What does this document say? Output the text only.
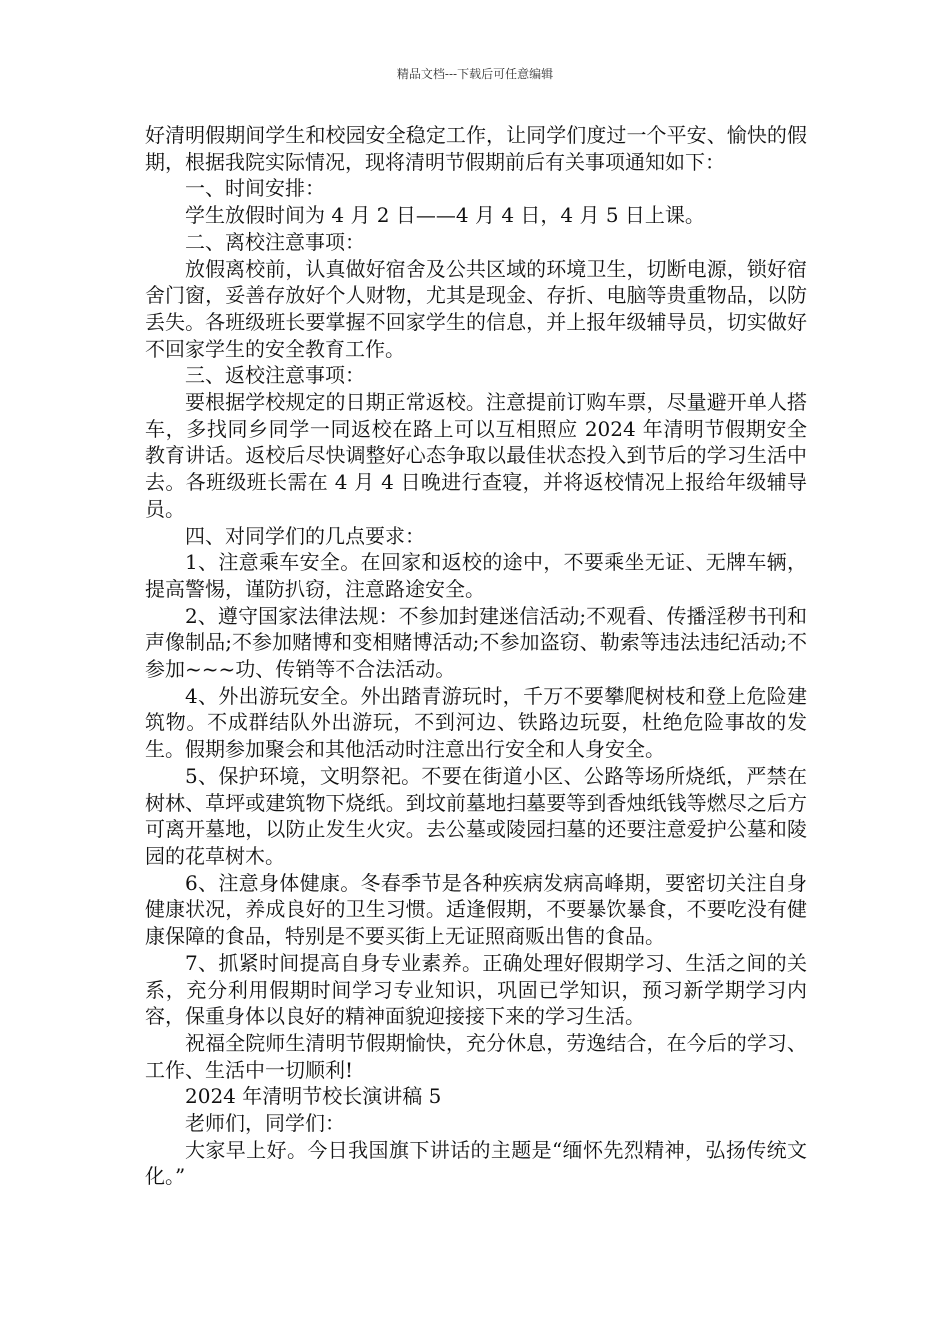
精品文档---下载后可任意编辑

好清明假期间学生和校园安全稳定工作，让同学们度过一个平安、愉快的假期，根据我院实际情况，现将清明节假期前后有关事项通知如下：

一、时间安排：

学生放假时间为 4 月 2 日——4 月 4 日，4 月 5 日上课。

二、离校注意事项：

放假离校前，认真做好宿舍及公共区域的环境卫生，切断电源，锁好宿舍门窗，妥善存放好个人财物，尤其是现金、存折、电脑等贵重物品，以防丢失。各班级班长要掌握不回家学生的信息，并上报年级辅导员，切实做好不回家学生的安全教育工作。

三、返校注意事项：

要根据学校规定的日期正常返校。注意提前订购车票，尽量避开单人搭车，多找同乡同学一同返校在路上可以互相照应 2024 年清明节假期安全教育讲话。返校后尽快调整好心态争取以最佳状态投入到节后的学习生活中去。各班级班长需在 4 月 4 日晚进行查寝，并将返校情况上报给年级辅导员。

四、对同学们的几点要求：

1、注意乘车安全。在回家和返校的途中，不要乘坐无证、无牌车辆，提高警惕，谨防扒窃，注意路途安全。

2、遵守国家法律法规：不参加封建迷信活动;不观看、传播淫秽书刊和声像制品;不参加赌博和变相赌博活动;不参加盗窃、勒索等违法违纪活动;不参加~~~功、传销等不合法活动。

4、外出游玩安全。外出踏青游玩时，千万不要攀爬树枝和登上危险建筑物。不成群结队外出游玩，不到河边、铁路边玩耍，杜绝危险事故的发生。假期参加聚会和其他活动时注意出行安全和人身安全。

5、保护环境，文明祭祀。不要在街道小区、公路等场所烧纸，严禁在树林、草坪或建筑物下烧纸。到坟前墓地扫墓要等到香烛纸钱等燃尽之后方可离开墓地，以防止发生火灾。去公墓或陵园扫墓的还要注意爱护公墓和陵园的花草树木。

6、注意身体健康。冬春季节是各种疾病发病高峰期，要密切关注自身健康状况，养成良好的卫生习惯。适逢假期，不要暴饮暴食，不要吃没有健康保障的食品，特别是不要买街上无证照商贩出售的食品。

7、抓紧时间提高自身专业素养。正确处理好假期学习、生活之间的关系，充分利用假期时间学习专业知识，巩固已学知识，预习新学期学习内容，保重身体以良好的精神面貌迎接接下来的学习生活。

祝福全院师生清明节假期愉快，充分休息，劳逸结合，在今后的学习、工作、生活中一切顺利!

2024 年清明节校长演讲稿 5

老师们，同学们：

大家早上好。今日我国旗下讲话的主题是“缅怀先烈精神，弘扬传统文化。”
